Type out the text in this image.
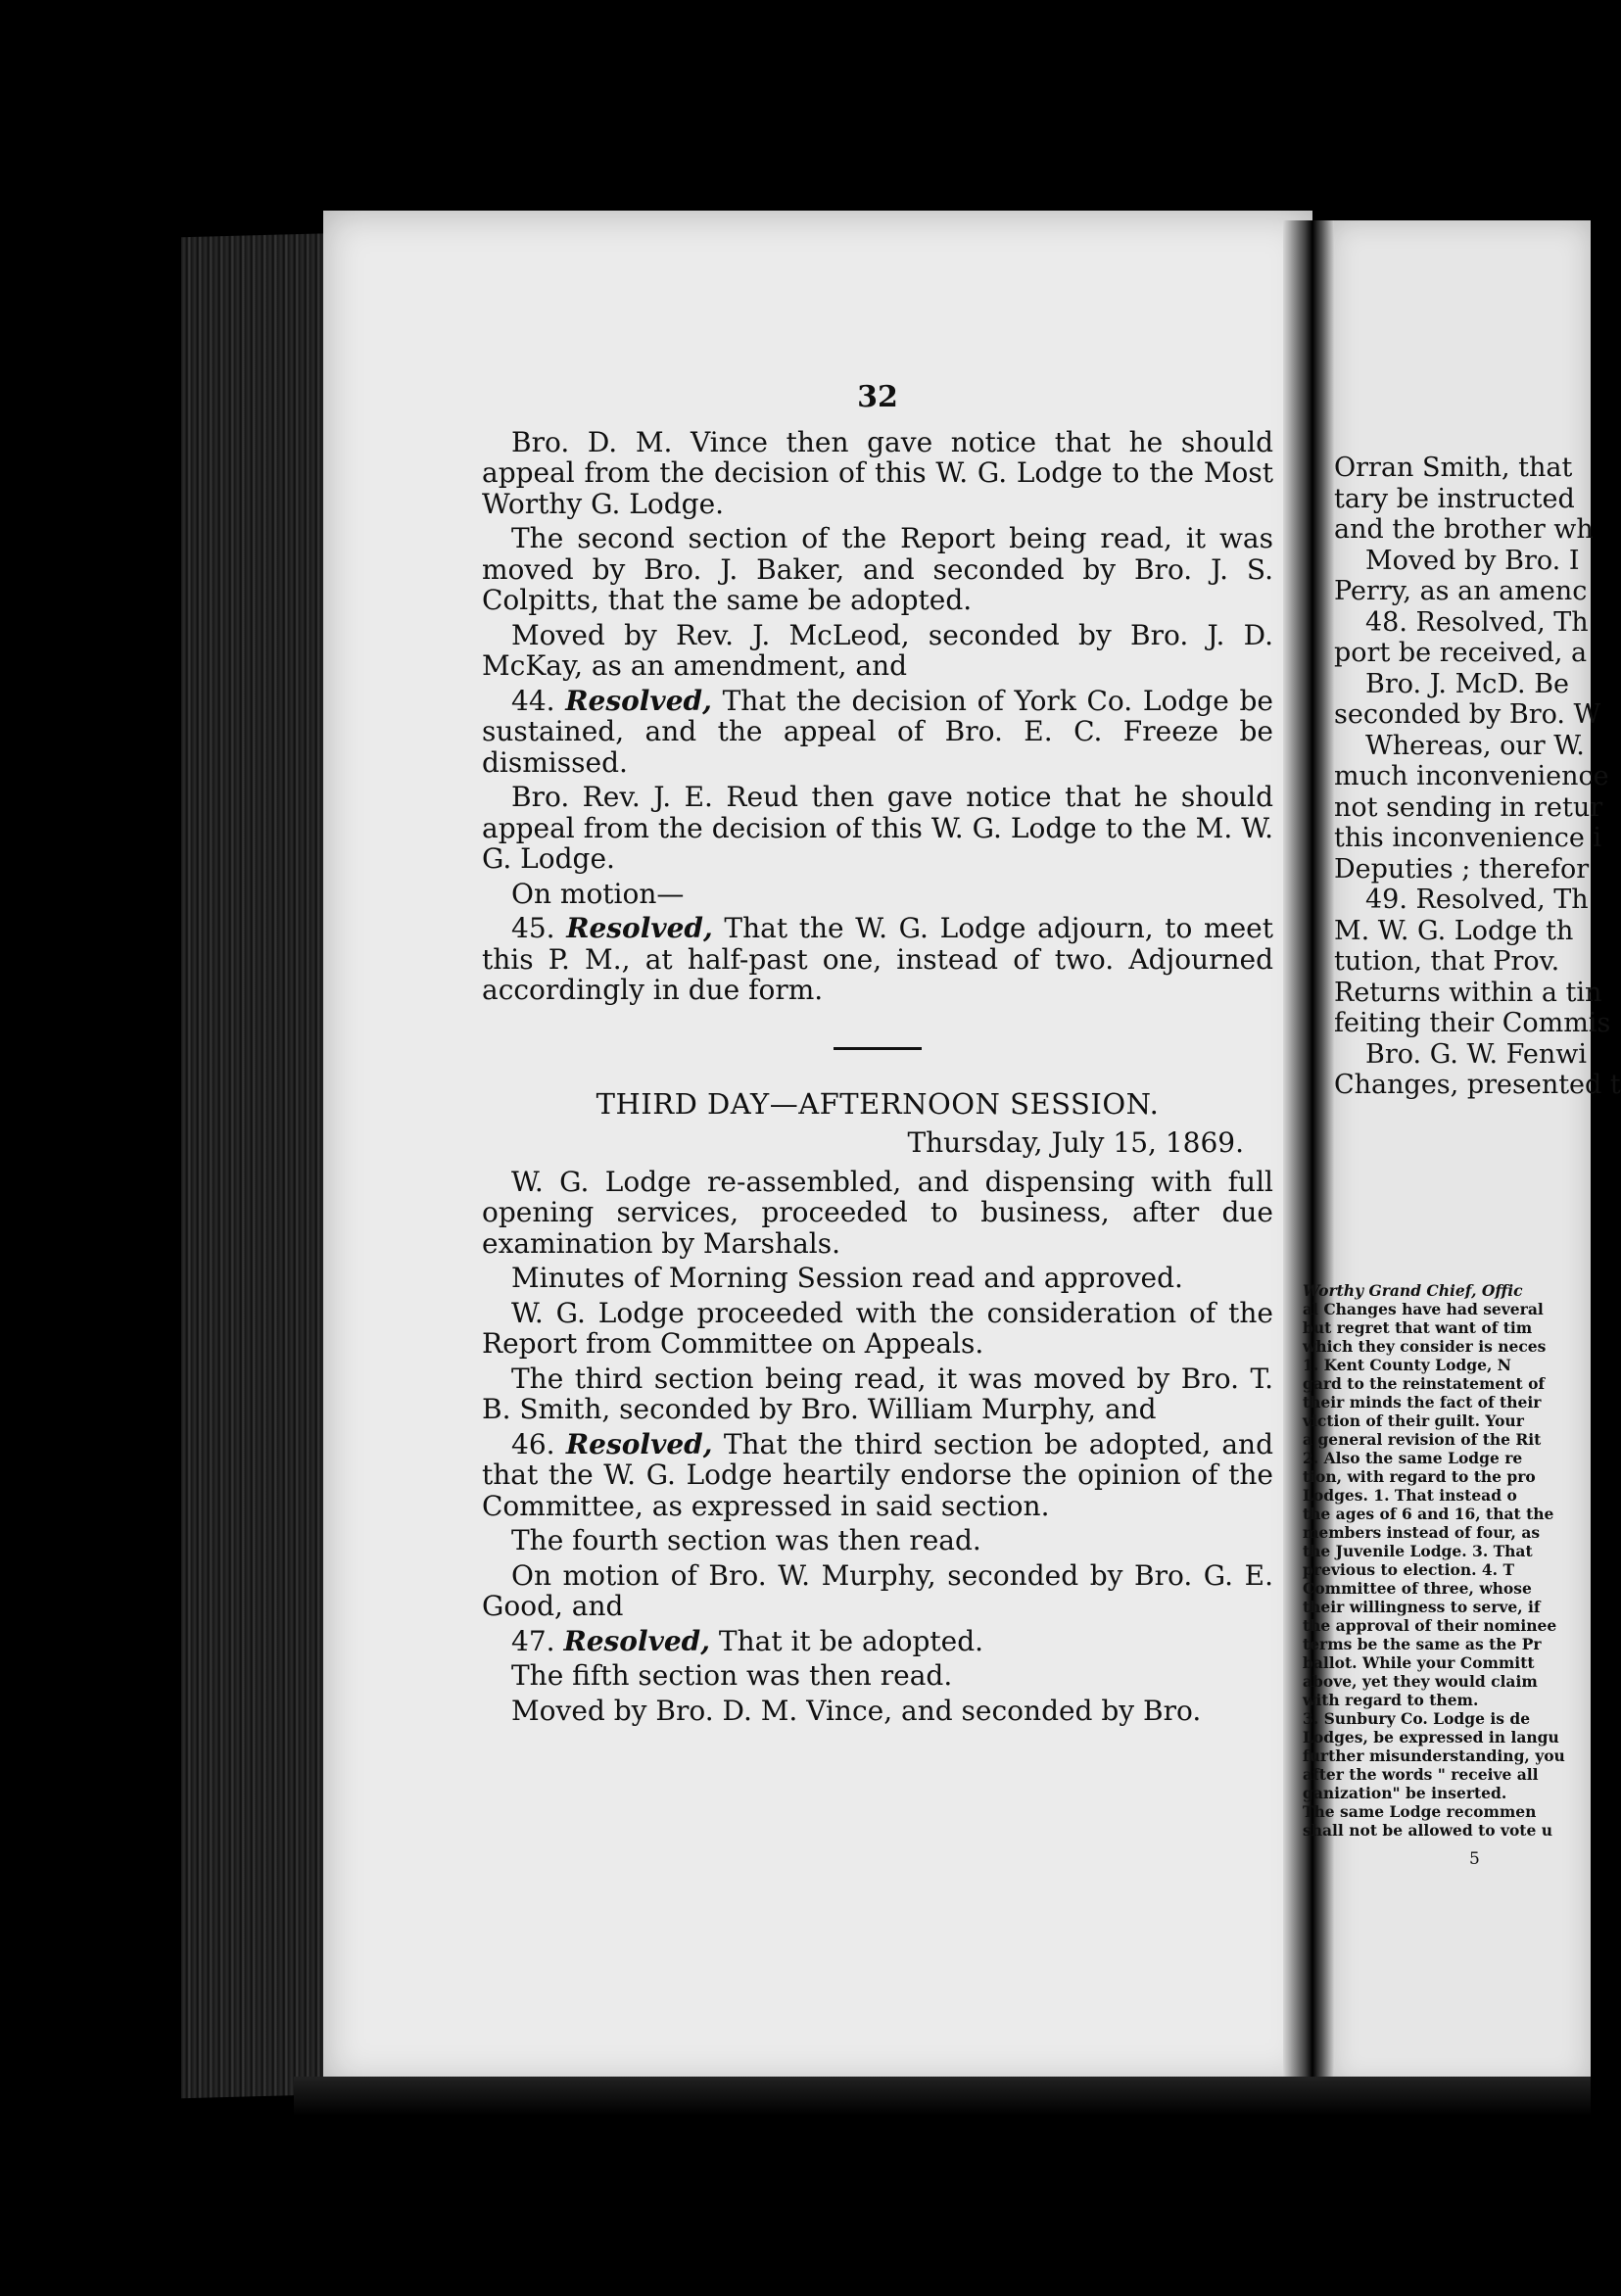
32

Bro. D. M. Vince then gave notice that he should appeal from the decision of this W. G. Lodge to the Most Worthy G. Lodge.

The second section of the Report being read, it was moved by Bro. J. Baker, and seconded by Bro. J. S. Colpitts, that the same be adopted.

Moved by Rev. J. McLeod, seconded by Bro. J. D. McKay, as an amendment, and

44. Resolved, That the decision of York Co. Lodge be sustained, and the appeal of Bro. E. C. Freeze be dismissed.

Bro. Rev. J. E. Reud then gave notice that he should appeal from the decision of this W. G. Lodge to the M. W. G. Lodge.

On motion—

45. Resolved, That the W. G. Lodge adjourn, to meet this P. M., at half-past one, instead of two. Adjourned accordingly in due form.

THIRD DAY—AFTERNOON SESSION.
Thursday, July 15, 1869.

W. G. Lodge re-assembled, and dispensing with full opening services, proceeded to business, after due examination by Marshals.

Minutes of Morning Session read and approved.

W. G. Lodge proceeded with the consideration of the Report from Committee on Appeals.

The third section being read, it was moved by Bro. T. B. Smith, seconded by Bro. William Murphy, and

46. Resolved, That the third section be adopted, and that the W. G. Lodge heartily endorse the opinion of the Committee, as expressed in said section.

The fourth section was then read.

On motion of Bro. W. Murphy, seconded by Bro. G. E. Good, and

47. Resolved, That it be adopted.

The fifth section was then read.

Moved by Bro. D. M. Vince, and seconded by Bro.

Orran Smith, that

tary be instructed

and the brother wh

Moved by Bro. I

Perry, as an amenc

48. Resolved, Th

port be received, a

Bro. J. McD. Be

seconded by Bro. W

Whereas, our W.

much inconvenience

not sending in retur

this inconvenience i

Deputies ; therefor

49. Resolved, Th

M. W. G. Lodge th

tution, that Prov.

Returns within a tin

feiting their Commis

Bro. G. W. Fenwi

Changes, presented t

Worthy Grand Chief, Offic

al Changes have had several

but regret that want of tim

which they consider is neces

1. Kent County Lodge, N

gard to the reinstatement of

their minds the fact of their

viction of their guilt. Your

a general revision of the Rit

2. Also the same Lodge re

tion, with regard to the pro

Lodges. 1. That instead o

the ages of 6 and 16, that the

members instead of four, as

the Juvenile Lodge. 3. That

previous to election. 4. T

Committee of three, whose

their willingness to serve, if

the approval of their nominee

terms be the same as the Pr

ballot. While your Committ

above, yet they would claim

with regard to them.

3. Sunbury Co. Lodge is de

Lodges, be expressed in langu

further misunderstanding, you

after the words " receive all

ganization" be inserted.

The same Lodge recommen

shall not be allowed to vote u

5
